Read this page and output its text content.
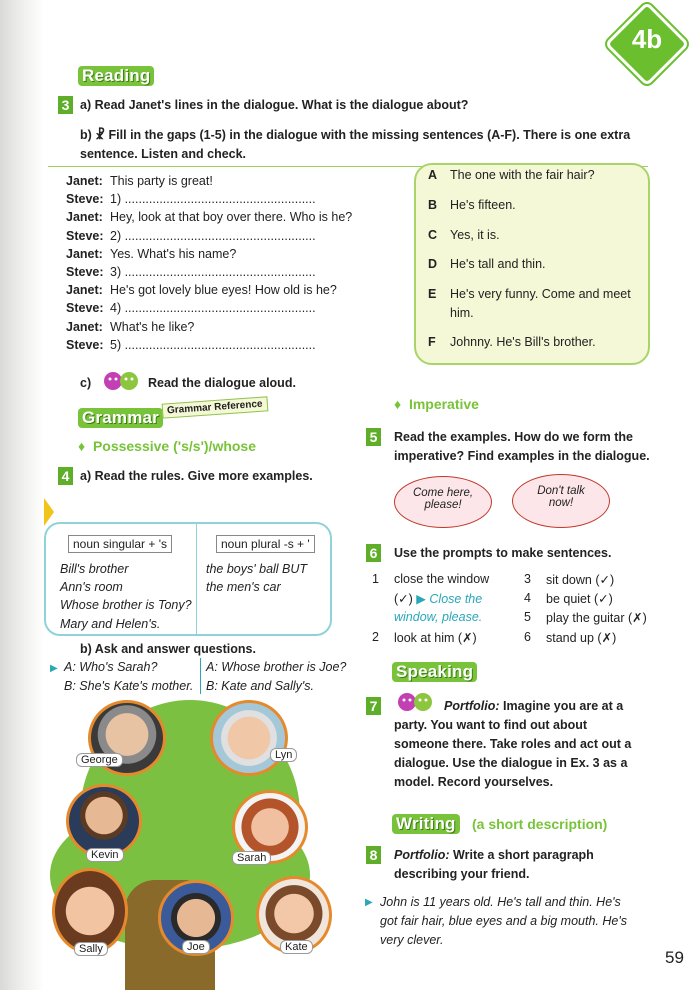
4b
Reading
3 a) Read Janet's lines in the dialogue. What is the dialogue about?
b) ☧ Fill in the gaps (1-5) in the dialogue with the missing sentences (A-F). There is one extra
sentence. Listen and check.
Janet: This party is great!
Steve: 1) .......................................................
Janet: Hey, look at that boy over there. Who is he?
Steve: 2) .......................................................
Janet: Yes. What's his name?
Steve: 3) .......................................................
Janet: He's got lovely blue eyes! How old is he?
Steve: 4) .......................................................
Janet: What's he like?
Steve: 5) .......................................................
A The one with the fair hair?
B He's fifteen.
C Yes, it is.
D He's tall and thin.
E He's very funny. Come and meet
him.
F Johnny. He's Bill's brother.
c)	Read the dialogue aloud.
Grammar
Grammar Reference
♦  Possessive ('s/s')/whose
4 a) Read the rules. Give more examples.
noun singular + 's	noun plural -s + '
Bill's brother
Ann's room
Whose brother is Tony?
Mary and Helen's.
the boys' ball BUT
the men's car
b) Ask and answer questions.
▶ A: Who's Sarah?
B: She's Kate's mother.
A: Whose brother is Joe?
B: Kate and Sally's.
George	Lyn
Kevin	Sarah
Sally	Joe	Kate
♦  Imperative
5 Read the examples. How do we form the
imperative? Find examples in the dialogue.
Come here, please!
Don't talk now!
6 Use the prompts to make sentences.
1 close the window	3 sit down (✓)
(✓) ▶ Close the
window, please.
4 be quiet (✓)
5 play the guitar (✗)
2 look at him (✗)	6 stand up (✗)
Speaking
7	Portfolio: Imagine you are at a
party. You want to find out about
someone there. Take roles and act out a
dialogue. Use the dialogue in Ex. 3 as a
model. Record yourselves.
Writing (a short description)
8 Portfolio: Write a short paragraph
describing your friend.
▶ John is 11 years old. He's tall and thin. He's
got fair hair, blue eyes and a big mouth. He's
very clever.
59
